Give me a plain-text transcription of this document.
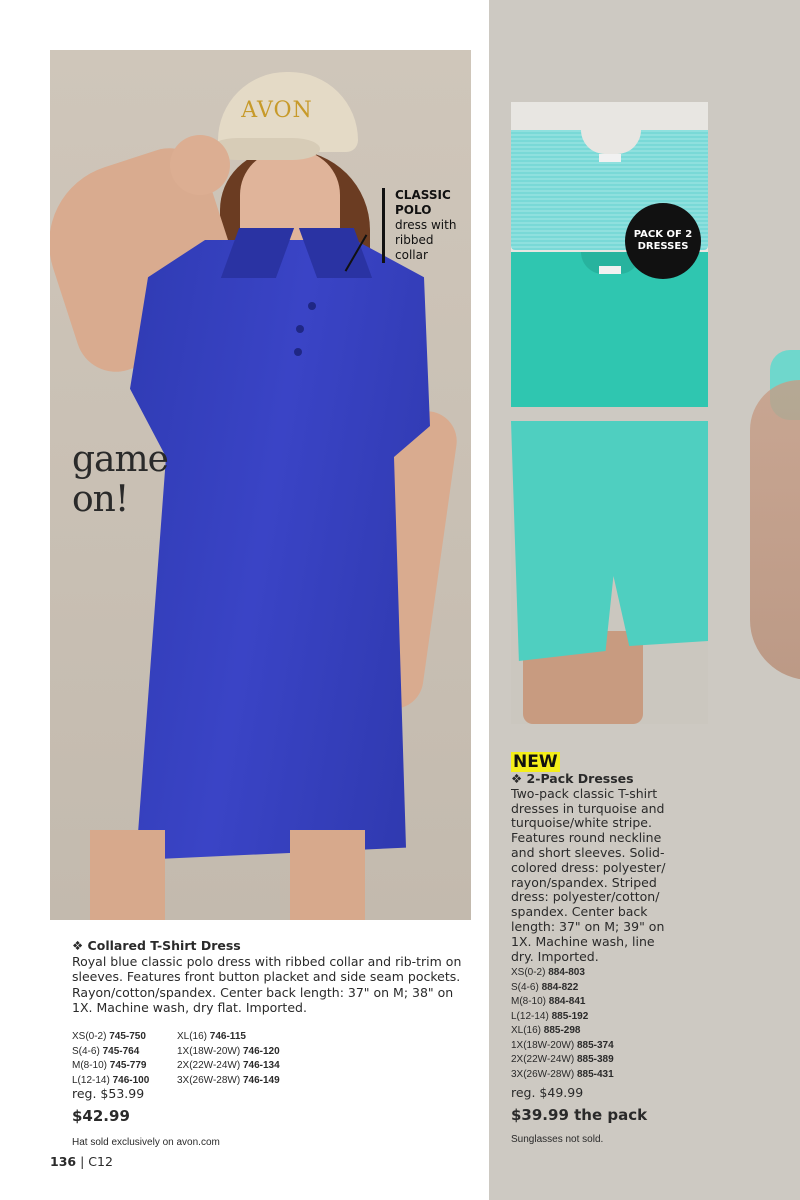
AVON
game
on!
CLASSIC
POLO
dress with
ribbed
collar
PACK OF 2
DRESSES
❖ Collared T-Shirt Dress
Royal blue classic polo dress with ribbed collar and rib-trim on sleeves. Features front button placket and side seam pockets. Rayon/cotton/spandex. Center back length: 37" on M; 38" on 1X. Machine wash, dry flat. Imported.
XS(0-2) 745-750	XL(16) 746-115
S(4-6) 745-764	1X(18W-20W) 746-120
M(8-10) 745-779	2X(22W-24W) 746-134
L(12-14) 746-100	3X(26W-28W) 746-149
reg. $53.99
$42.99
Hat sold exclusively on avon.com
NEW
❖ 2-Pack Dresses
Two-pack classic T-shirt dresses in turquoise and turquoise/white stripe. Features round neckline and short sleeves. Solid-colored dress: polyester/ rayon/spandex. Striped dress: polyester/cotton/ spandex. Center back length: 37" on M; 39" on 1X. Machine wash, line dry. Imported.
XS(0-2) 884-803
S(4-6) 884-822
M(8-10) 884-841
L(12-14) 885-192
XL(16) 885-298
1X(18W-20W) 885-374
2X(22W-24W) 885-389
3X(26W-28W) 885-431
reg. $49.99
$39.99 the pack
Sunglasses not sold.
136 | C12
